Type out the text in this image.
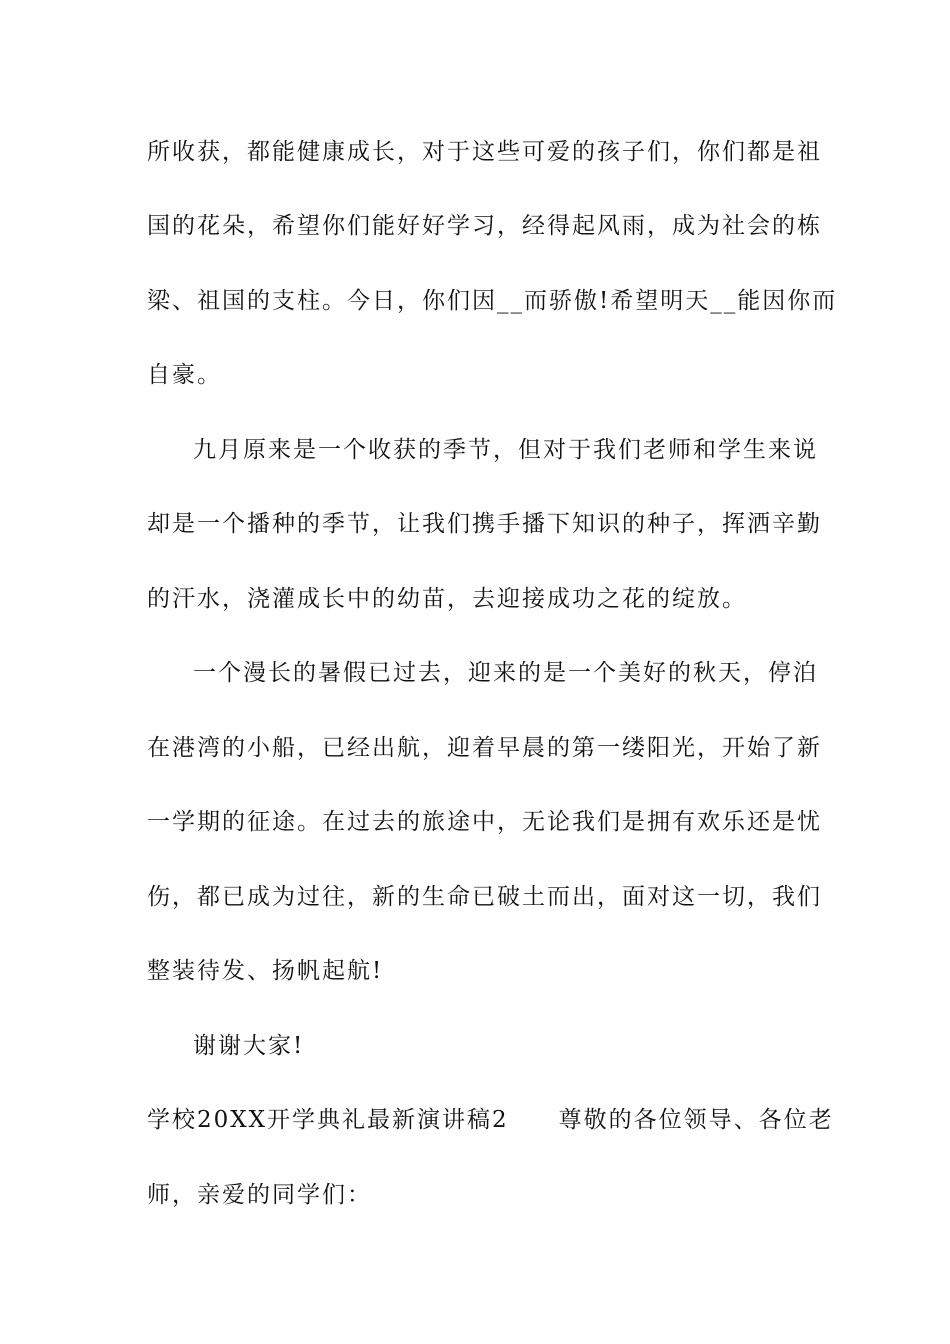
所收获，都能健康成长，对于这些可爱的孩子们，你们都是祖
国的花朵，希望你们能好好学习，经得起风雨，成为社会的栋
梁、祖国的支柱。今日，你们因__而骄傲!希望明天__能因你而
自豪。
九月原来是一个收获的季节，但对于我们老师和学生来说
却是一个播种的季节，让我们携手播下知识的种子，挥洒辛勤
的汗水，浇灌成长中的幼苗，去迎接成功之花的绽放。
一个漫长的暑假已过去，迎来的是一个美好的秋天，停泊
在港湾的小船，已经出航，迎着早晨的第一缕阳光，开始了新
一学期的征途。在过去的旅途中，无论我们是拥有欢乐还是忧
伤，都已成为过往，新的生命已破土而出，面对这一切，我们
整装待发、扬帆起航!
谢谢大家!
学校20XX开学典礼最新演讲稿2　　尊敬的各位领导、各位老
师，亲爱的同学们：
